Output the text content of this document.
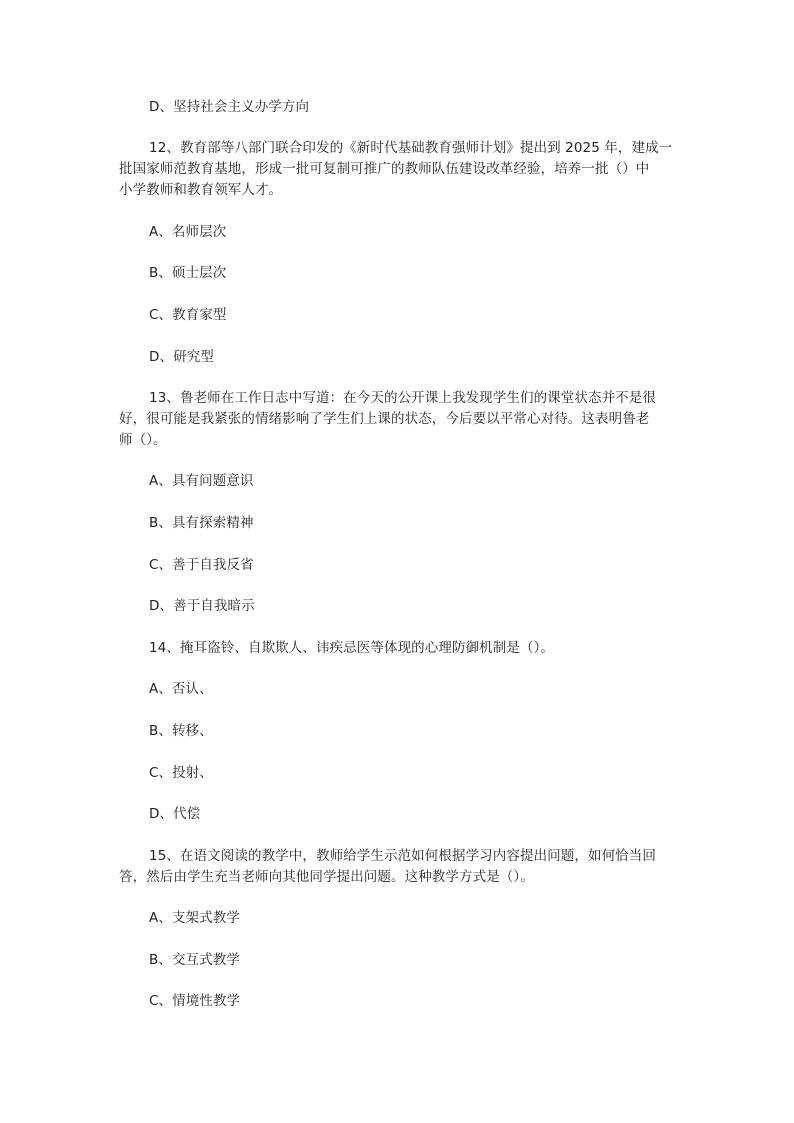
D、坚持社会主义办学方向
12、教育部等八部门联合印发的《新时代基础教育强师计划》提出到 2025 年，建成一
批国家师范教育基地，形成一批可复制可推广的教师队伍建设改革经验，培养一批（）中
小学教师和教育领军人才。
A、名师层次
B、硕士层次
C、教育家型
D、研究型
13、鲁老师在工作日志中写道：在今天的公开课上我发现学生们的课堂状态并不是很
好，很可能是我紧张的情绪影响了学生们上课的状态，今后要以平常心对待。这表明鲁老
师（）。
A、具有问题意识
B、具有探索精神
C、善于自我反省
D、善于自我暗示
14、掩耳盗铃、自欺欺人、讳疾忌医等体现的心理防御机制是（）。
A、否认、
B、转移、
C、投射、
D、代偿
15、在语文阅读的教学中，教师给学生示范如何根据学习内容提出问题，如何恰当回
答，然后由学生充当老师向其他同学提出问题。这种教学方式是（）。
A、支架式教学
B、交互式教学
C、情境性教学
